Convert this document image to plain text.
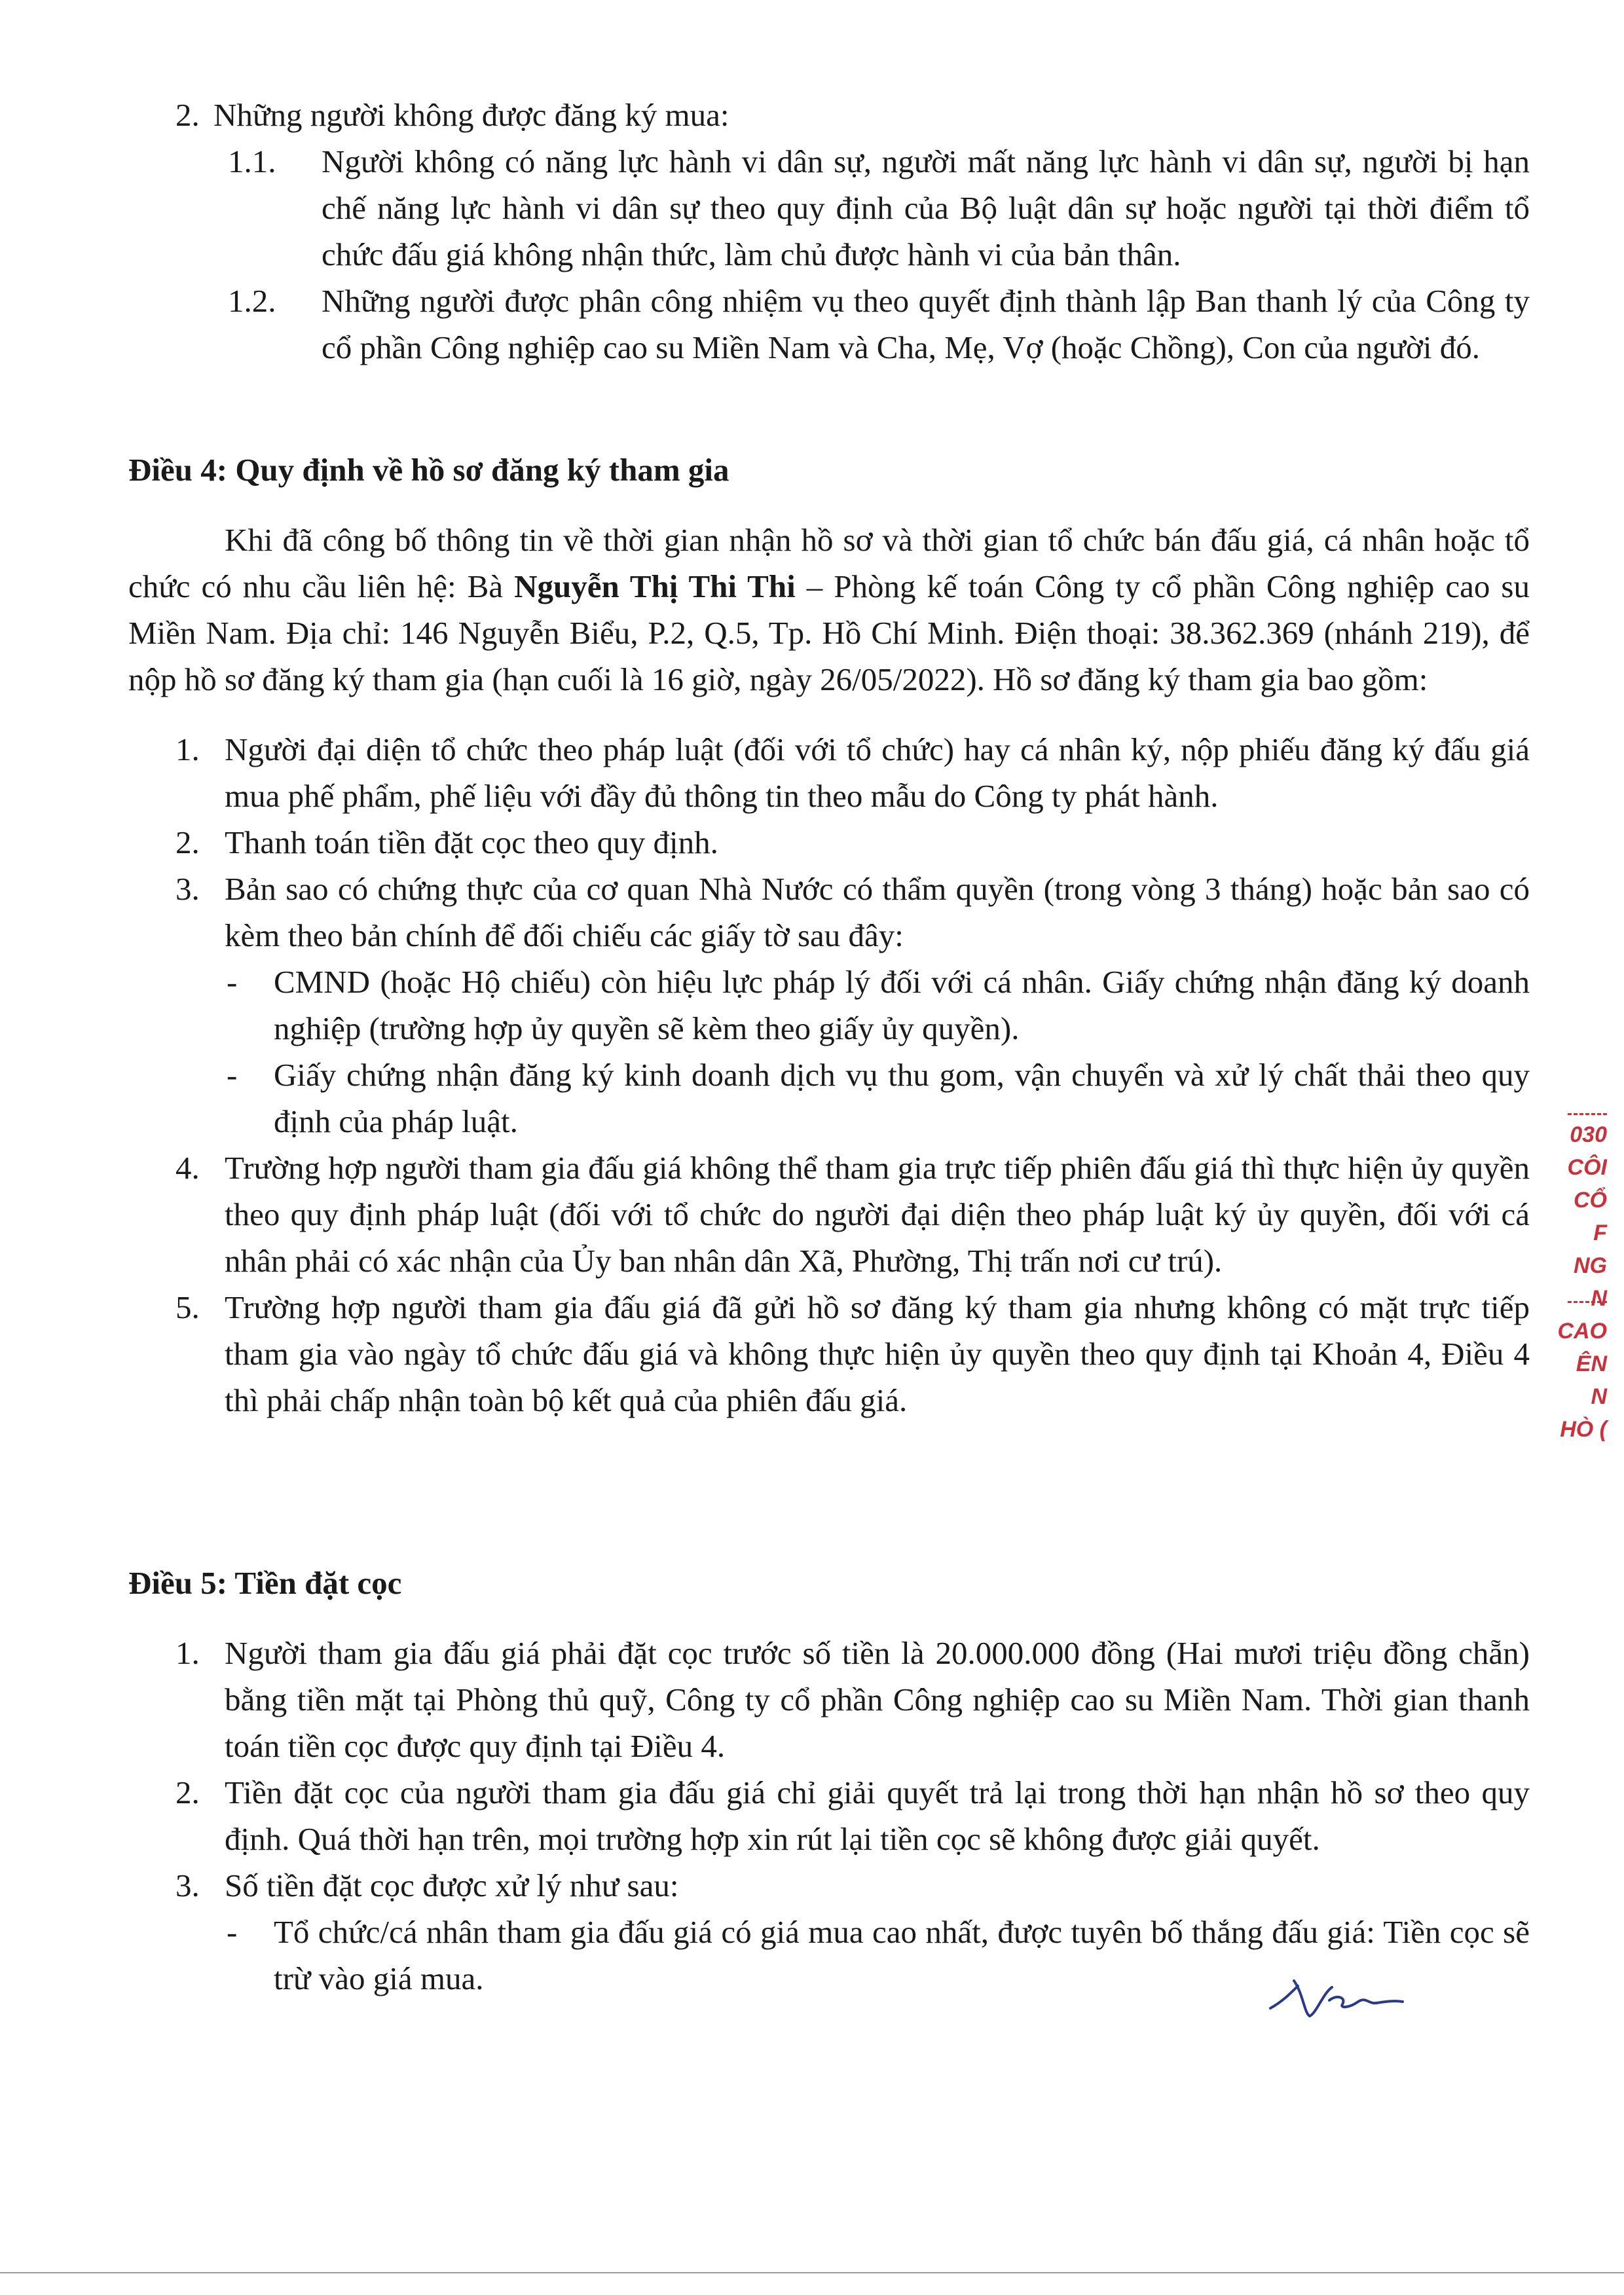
2. Những người không được đăng ký mua:
1.1. Người không có năng lực hành vi dân sự, người mất năng lực hành vi dân sự, người bị hạn chế năng lực hành vi dân sự theo quy định của Bộ luật dân sự hoặc người tại thời điểm tổ chức đấu giá không nhận thức, làm chủ được hành vi của bản thân.
1.2. Những người được phân công nhiệm vụ theo quyết định thành lập Ban thanh lý của Công ty cổ phần Công nghiệp cao su Miền Nam và Cha, Mẹ, Vợ (hoặc Chồng), Con của người đó.
Điều 4: Quy định về hồ sơ đăng ký tham gia
Khi đã công bố thông tin về thời gian nhận hồ sơ và thời gian tổ chức bán đấu giá, cá nhân hoặc tổ chức có nhu cầu liên hệ: Bà Nguyễn Thị Thi Thi – Phòng kế toán Công ty cổ phần Công nghiệp cao su Miền Nam. Địa chỉ: 146 Nguyễn Biểu, P.2, Q.5, Tp. Hồ Chí Minh. Điện thoại: 38.362.369 (nhánh 219), để nộp hồ sơ đăng ký tham gia (hạn cuối là 16 giờ, ngày 26/05/2022). Hồ sơ đăng ký tham gia bao gồm:
1. Người đại diện tổ chức theo pháp luật (đối với tổ chức) hay cá nhân ký, nộp phiếu đăng ký đấu giá mua phế phẩm, phế liệu với đầy đủ thông tin theo mẫu do Công ty phát hành.
2. Thanh toán tiền đặt cọc theo quy định.
3. Bản sao có chứng thực của cơ quan Nhà Nước có thẩm quyền (trong vòng 3 tháng) hoặc bản sao có kèm theo bản chính để đối chiếu các giấy tờ sau đây:
- CMND (hoặc Hộ chiếu) còn hiệu lực pháp lý đối với cá nhân. Giấy chứng nhận đăng ký doanh nghiệp (trường hợp ủy quyền sẽ kèm theo giấy ủy quyền).
- Giấy chứng nhận đăng ký kinh doanh dịch vụ thu gom, vận chuyển và xử lý chất thải theo quy định của pháp luật.
4. Trường hợp người tham gia đấu giá không thể tham gia trực tiếp phiên đấu giá thì thực hiện ủy quyền theo quy định pháp luật (đối với tổ chức do người đại diện theo pháp luật ký ủy quyền, đối với cá nhân phải có xác nhận của Ủy ban nhân dân Xã, Phường, Thị trấn nơi cư trú).
5. Trường hợp người tham gia đấu giá đã gửi hồ sơ đăng ký tham gia nhưng không có mặt trực tiếp tham gia vào ngày tổ chức đấu giá và không thực hiện ủy quyền theo quy định tại Khoản 4, Điều 4 thì phải chấp nhận toàn bộ kết quả của phiên đấu giá.
Điều 5: Tiền đặt cọc
1. Người tham gia đấu giá phải đặt cọc trước số tiền là 20.000.000 đồng (Hai mươi triệu đồng chẵn) bằng tiền mặt tại Phòng thủ quỹ, Công ty cổ phần Công nghiệp cao su Miền Nam. Thời gian thanh toán tiền cọc được quy định tại Điều 4.
2. Tiền đặt cọc của người tham gia đấu giá chỉ giải quyết trả lại trong thời hạn nhận hồ sơ theo quy định. Quá thời hạn trên, mọi trường hợp xin rút lại tiền cọc sẽ không được giải quyết.
3. Số tiền đặt cọc được xử lý như sau:
- Tổ chức/cá nhân tham gia đấu giá có giá mua cao nhất, được tuyên bố thắng đấu giá: Tiền cọc sẽ trừ vào giá mua.
030
CÔI
CỔ F
NG N
CAO
ÊN N
HÒ (
